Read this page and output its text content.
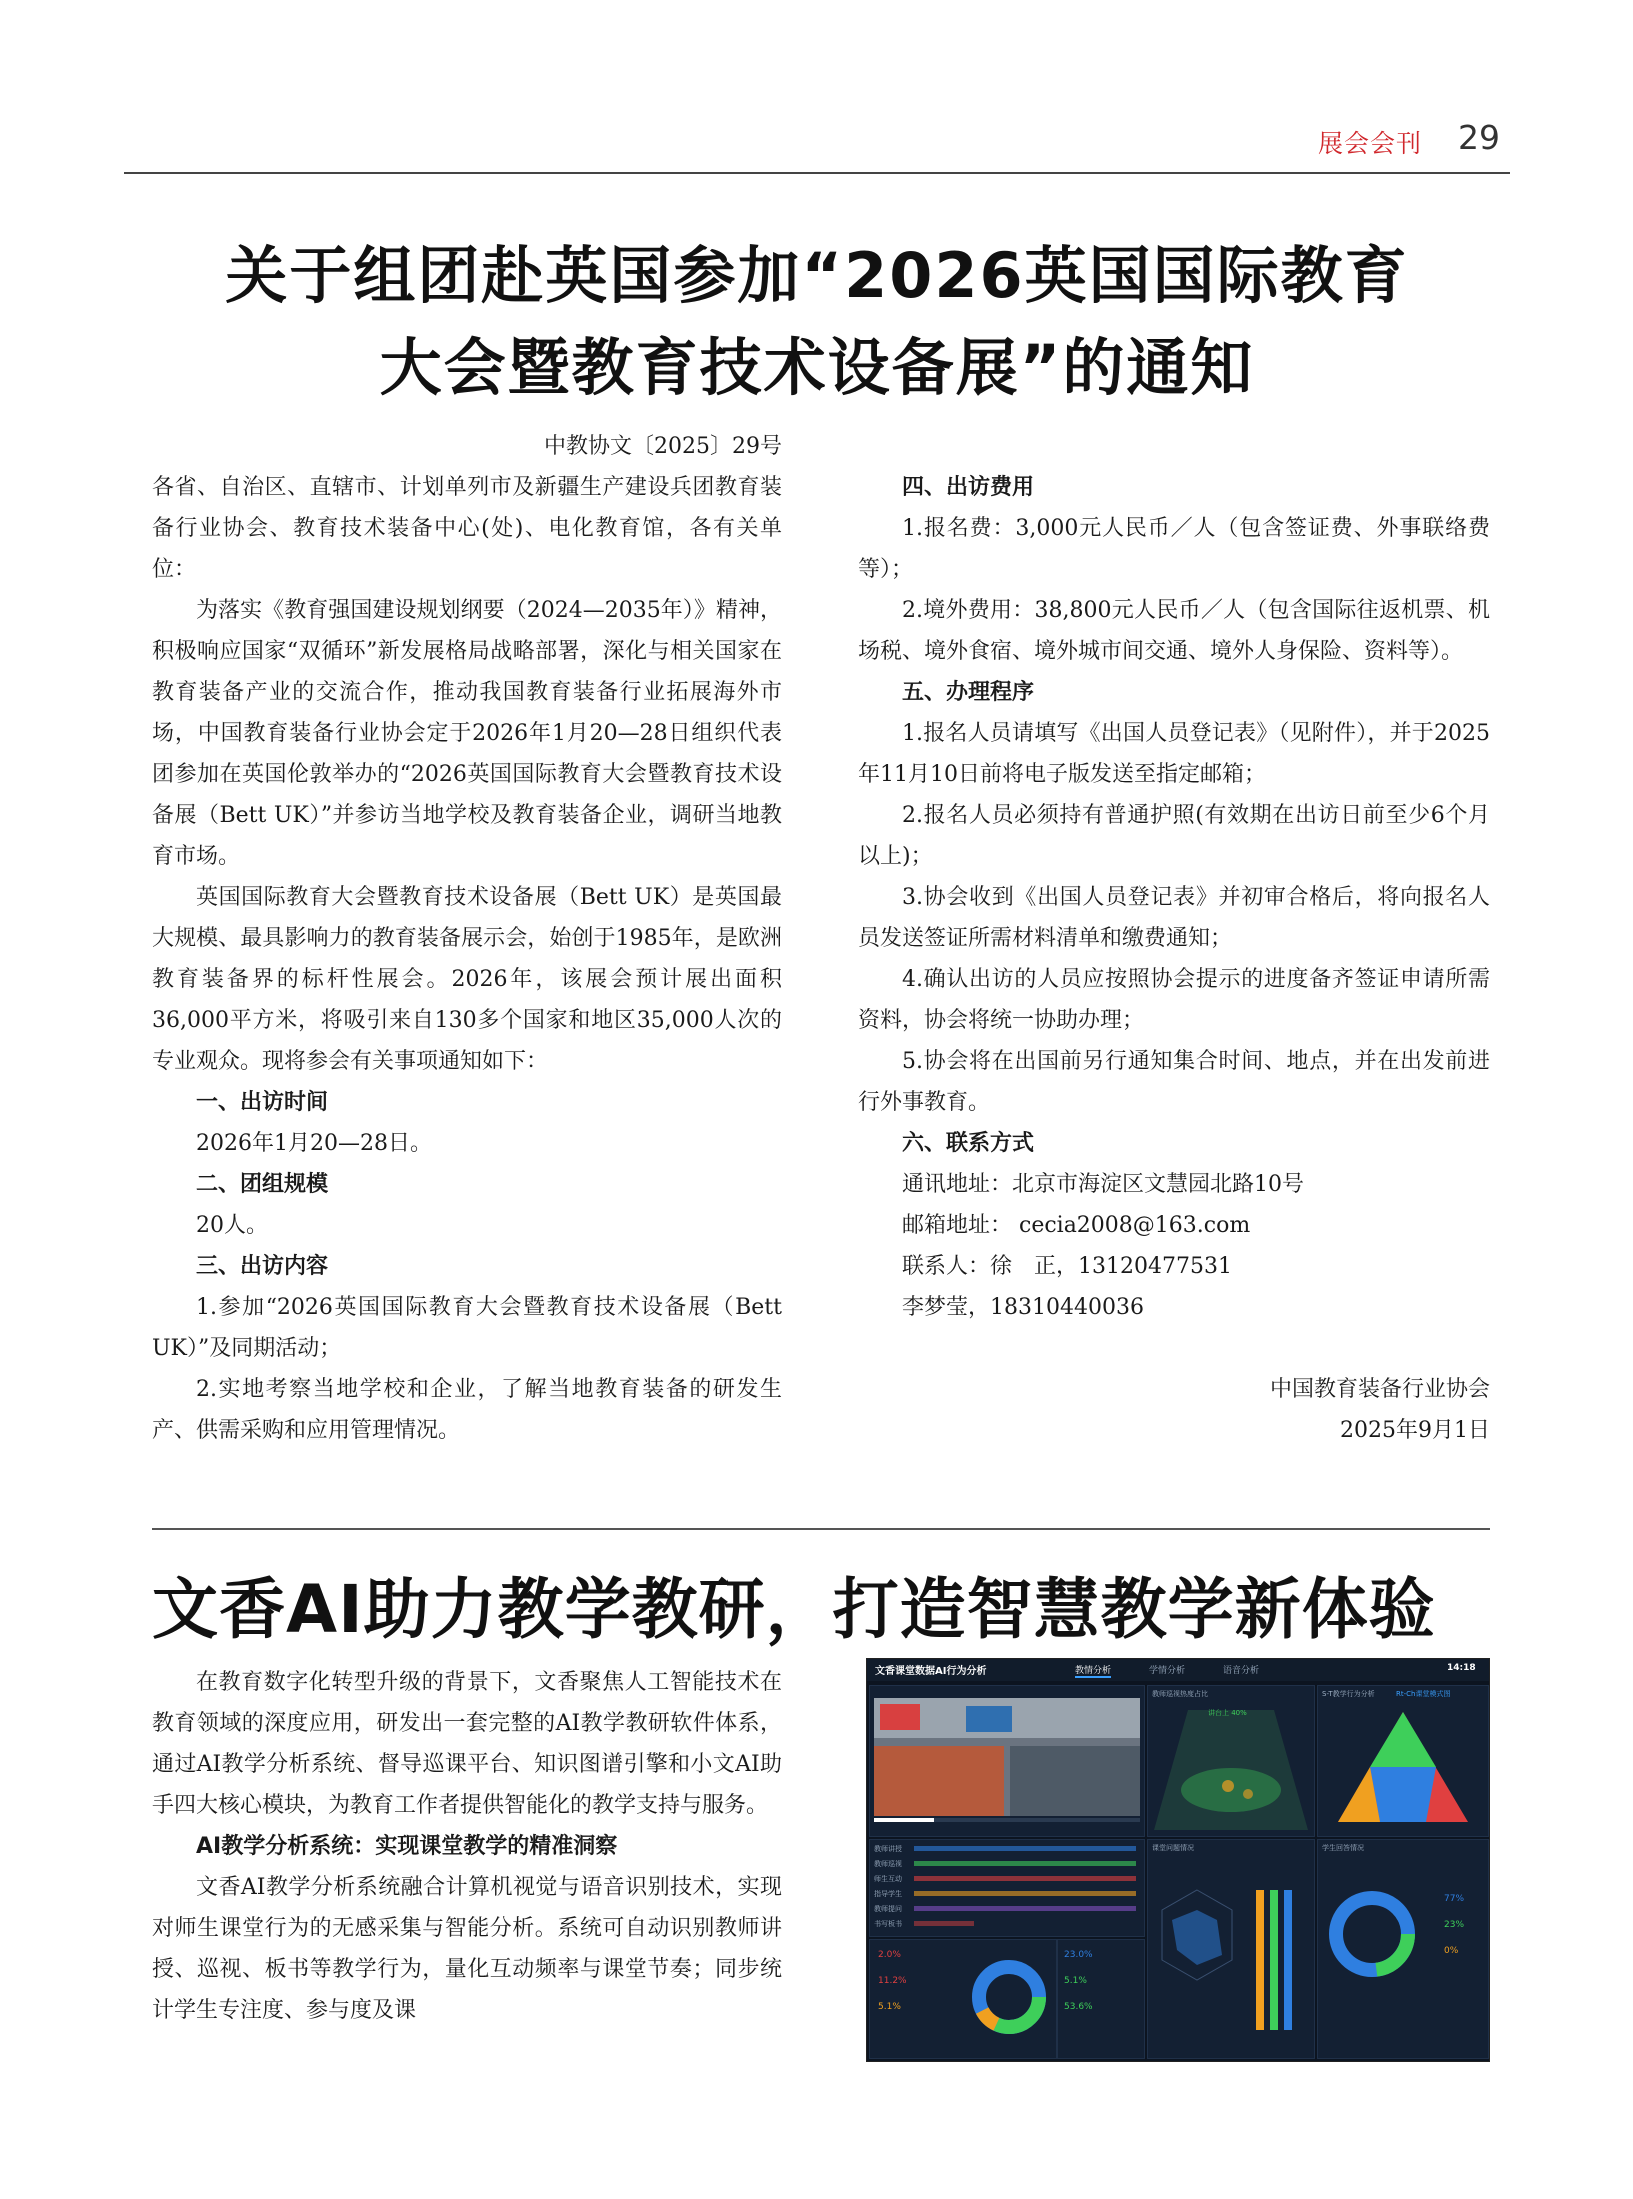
展会会刊 29
关于组团赴英国参加“2026英国国际教育
大会暨教育技术设备展”的通知

中教协文〔2025〕29号

各省、自治区、直辖市、计划单列市及新疆生产建设兵团教育装备行业协会、教育技术装备中心(处)、电化教育馆，各有关单位：

为落实《教育强国建设规划纲要（2024—2035年）》精神，积极响应国家“双循环”新发展格局战略部署，深化与相关国家在教育装备产业的交流合作，推动我国教育装备行业拓展海外市场，中国教育装备行业协会定于2026年1月20—28日组织代表团参加在英国伦敦举办的“2026英国国际教育大会暨教育技术设备展（Bett UK）”并参访当地学校及教育装备企业，调研当地教育市场。

英国国际教育大会暨教育技术设备展（Bett UK）是英国最大规模、最具影响力的教育装备展示会，始创于1985年，是欧洲教育装备界的标杆性展会。2026年，该展会预计展出面积36,000平方米，将吸引来自130多个国家和地区35,000人次的专业观众。现将参会有关事项通知如下：

一、出访时间

2026年1月20—28日。

二、团组规模

20人。

三、出访内容

1.参加“2026英国国际教育大会暨教育技术设备展（Bett UK）”及同期活动；

2.实地考察当地学校和企业，了解当地教育装备的研发生产、供需采购和应用管理情况。

四、出访费用

1.报名费：3,000元人民币／人（包含签证费、外事联络费等）；

2.境外费用：38,800元人民币／人（包含国际往返机票、机场税、境外食宿、境外城市间交通、境外人身保险、资料等）。

五、办理程序

1.报名人员请填写《出国人员登记表》（见附件），并于2025年11月10日前将电子版发送至指定邮箱；

2.报名人员必须持有普通护照(有效期在出访日前至少6个月以上)；

3.协会收到《出国人员登记表》并初审合格后，将向报名人员发送签证所需材料清单和缴费通知；

4.确认出访的人员应按照协会提示的进度备齐签证申请所需资料，协会将统一协助办理；

5.协会将在出国前另行通知集合时间、地点，并在出发前进行外事教育。

六、联系方式

通讯地址：北京市海淀区文慧园北路10号

邮箱地址： cecia2008@163.com

联系人：徐　正，13120477531

李梦莹，18310440036

中国教育装备行业协会

2025年9月1日

文香AI助力教学教研，打造智慧教学新体验

在教育数字化转型升级的背景下，文香聚焦人工智能技术在教育领域的深度应用，研发出一套完整的AI教学教研软件体系，通过AI教学分析系统、督导巡课平台、知识图谱引擎和小文AI助手四大核心模块，为教育工作者提供智能化的教学支持与服务。

AI教学分析系统：实现课堂教学的精准洞察

文香AI教学分析系统融合计算机视觉与语音识别技术，实现对师生课堂行为的无感采集与智能分析。系统可自动识别教师讲授、巡视、板书等教学行为，量化互动频率与课堂节奏；同步统计学生专注度、参与度及课

文香课堂数据AI行为分析	教情分析	学情分析	语音分析	14:18
教师讲授
教师巡视
师生互动
指导学生
教师提问
书写板书
教师巡视热度占比
讲台上 40%
S-T教学行为分析	Rt-Ch课堂模式图
2.0%
11.2%
5.1%
23.0%
5.1%
53.6%
课堂问题情况	学生回答情况
77%
23%
0%
